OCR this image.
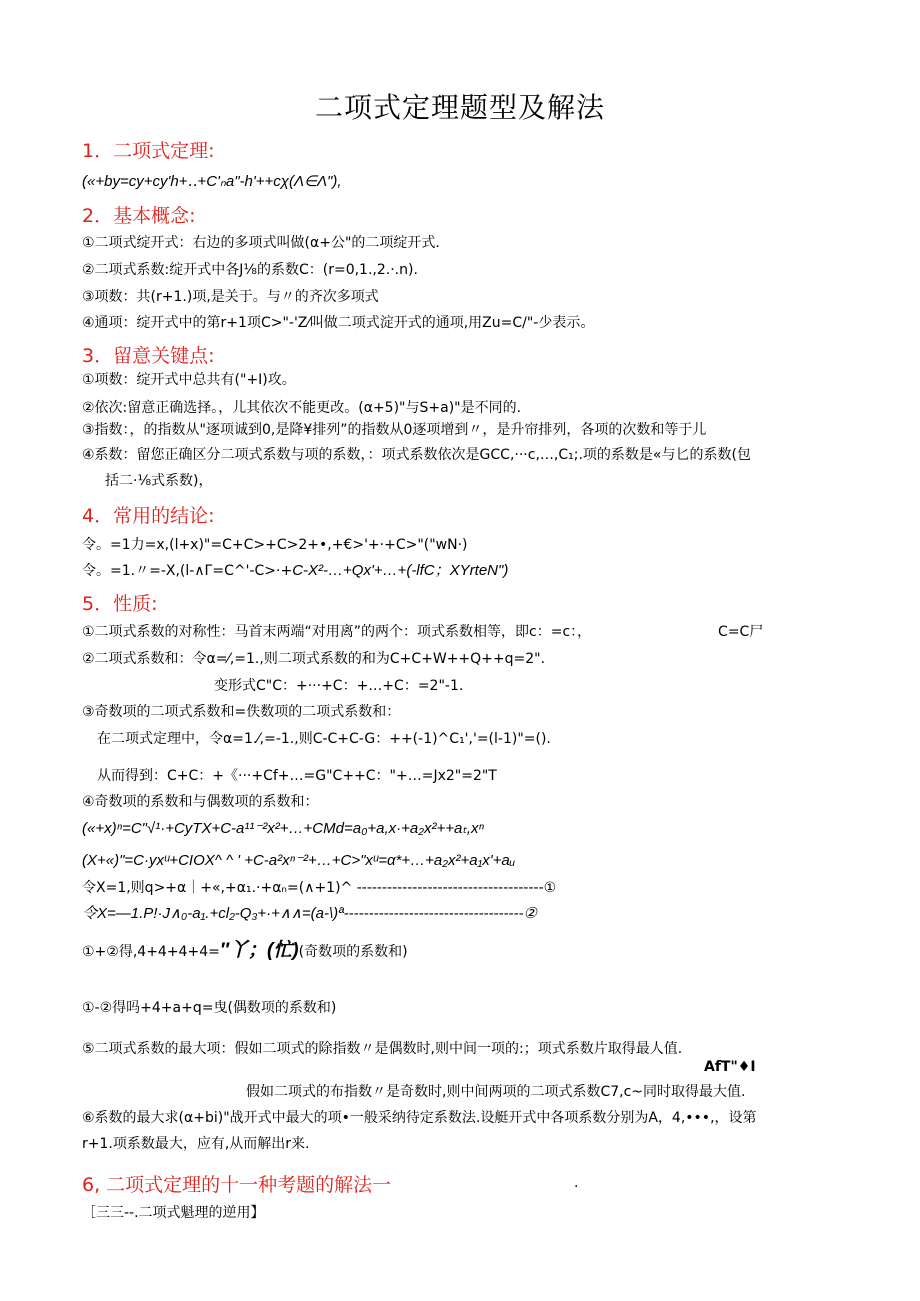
二项式定理题型及解法
1．二项式定理:
(«+by=cy+cy'h+‥+C'ₙa"-h'++cχ(Λ∈Λ"),
2．基本概念:
①二项式绽开式：右边的多项式叫做(α+公"的二项绽开式.
②二项式系数:绽开式中各J⅛的系数C：(r=0,1.,2.·.n).
③项数：共(r+1.)项,是关于。与〃的齐次多项式
④通项：绽开式中的第r+1项C>"-'Z⁄叫做二项式淀开式的通项,用Zu=C/"-少表示。
3．留意关键点:
①项数：绽开式中总共有("+I)攻。
②依次:留意正确选择。，儿其依次不能更改。(α+5)"与S+a)"是不同的.
③指数：，的指数从"逐项诚到0,是降¥排列”的指数从0逐项增到〃，是升帘排列，各项的次数和等于儿
④系数：留您正确区分二项式系数与项的系数，：项式系数依次是GCC,···c,…,C₁;.项的系数是«与匕的系数(包
括二·⅛式系数)，
4．常用的结论:
令。=1力=x,(l+x)"=C+C>+C>2+•,+€>'+·+C>"("wN·)
令。=1.〃=-X,(l-∧Γ=C^'-C>·+C-X²-…+Qx'+…+(-lfC；XYrteN")
5．性质:
①二项式系数的对称性：马首末两端“对用离”的两个：项式系数相等，即c：=c：，	C=C尸
②二项式系数和：令α=⁄,=1.,则二项式系数的和为C+C+W++Q++q=2".
变形式C"C：+···+C：+…+C：=2"-1.
③奇数项的二项式系数和=佚数项的二项式系数和：
在二项式定理中，令α=1.⁄,=-1.,则C-C+C-G：++(-1)^C₁','=(l-1)"=().
从而得到：C+C：+《···+Cf+…=G"C++C："+…=Jx2"=2"T
④奇数项的系数和与偶数项的系数和：
(«+x)ⁿ=C"√¹·+CyTX+C-a¹¹⁻²x²+…+CMd=a₀+a,x·+a₂x²++aₜ,xⁿ
(X+«)"=C·yxᵘ+CΙOX^ ^ ' +C-a²xⁿ⁻²+…+C>"xᵘ=α*+…+a₂x²+a₁x'+aᵤ
令X=1,则q>+α｜+«,+α₁.·+αₙ=(∧+1)^ -------------------------------------①
令X=—1.P!·J∧₀-a₁.+cl₂-Q₃+·+∧∧=(a-\)ª------------------------------------②
①+②得,4+4+4+4=″丫；(忙)(奇数项的系数和)
①-②得吗+4+a+q=曳(偶数项的系数和)
⑤二项式系数的最大项：假如二项式的除指数〃是偶数时,则中间一项的:；项式系数片取得最人值.
AfT"♦I
假如二项式的布指数〃是奇数时,则中间两项的二项式系数C7,c~同时取得最大值.
⑥系数的最大求(α+bi)"战开式中最大的项•一般采纳待定系数法.设艇开式中各项系数分别为A，4,•••,，设第
r+1.项系数最大，应有,从而解出r来.
6, 二项式定理的十一种考题的解法一	.
［三三--.二项式魁理的逆用】
